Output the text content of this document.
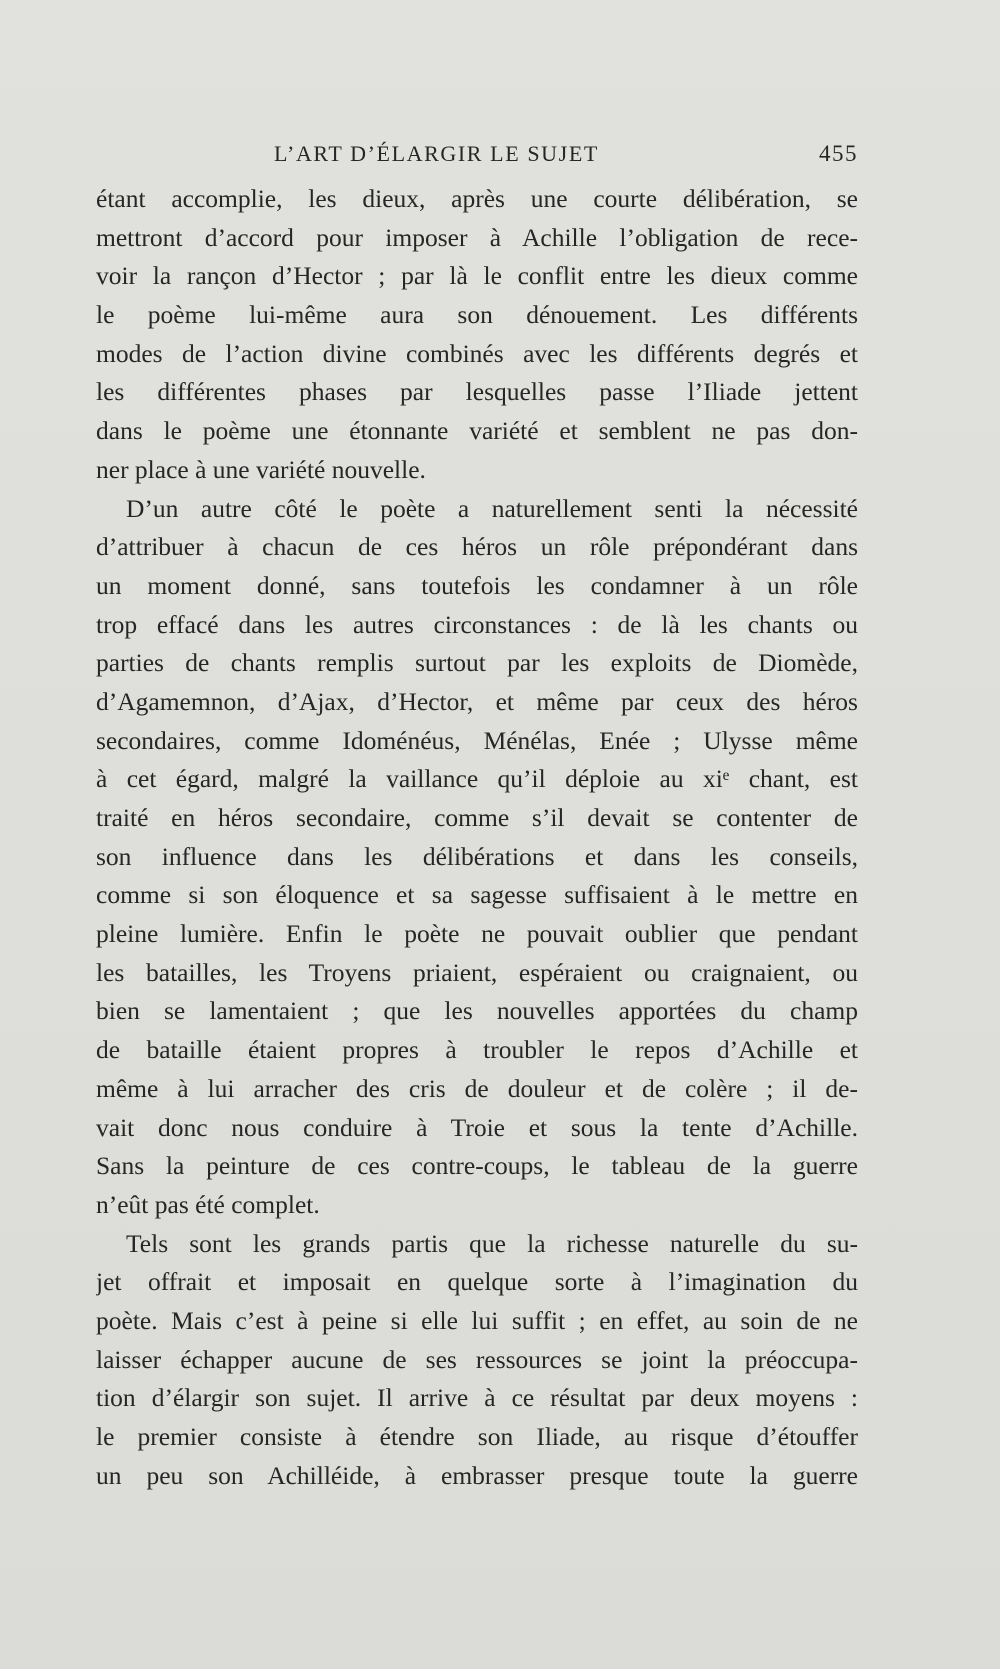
L’ART D’ÉLARGIR LE SUJET	455
étant accomplie, les dieux, après une courte délibération, se
mettront d’accord pour imposer à Achille l’obligation de rece-
voir la rançon d’Hector ; par là le conflit entre les dieux comme
le poème lui-même aura son dénouement. Les différents
modes de l’action divine combinés avec les différents degrés et
les différentes phases par lesquelles passe l’Iliade jettent
dans le poème une étonnante variété et semblent ne pas don-
ner place à une variété nouvelle.
D’un autre côté le poète a naturellement senti la nécessité
d’attribuer à chacun de ces héros un rôle prépondérant dans
un moment donné, sans toutefois les condamner à un rôle
trop effacé dans les autres circonstances : de là les chants ou
parties de chants remplis surtout par les exploits de Diomède,
d’Agamemnon, d’Ajax, d’Hector, et même par ceux des héros
secondaires, comme Idoménéus, Ménélas, Enée ; Ulysse même
à cet égard, malgré la vaillance qu’il déploie au xiᵉ chant, est
traité en héros secondaire, comme s’il devait se contenter de
son influence dans les délibérations et dans les conseils,
comme si son éloquence et sa sagesse suffisaient à le mettre en
pleine lumière. Enfin le poète ne pouvait oublier que pendant
les batailles, les Troyens priaient, espéraient ou craignaient, ou
bien se lamentaient ; que les nouvelles apportées du champ
de bataille étaient propres à troubler le repos d’Achille et
même à lui arracher des cris de douleur et de colère ; il de-
vait donc nous conduire à Troie et sous la tente d’Achille.
Sans la peinture de ces contre-coups, le tableau de la guerre
n’eût pas été complet.
Tels sont les grands partis que la richesse naturelle du su-
jet offrait et imposait en quelque sorte à l’imagination du
poète. Mais c’est à peine si elle lui suffit ; en effet, au soin de ne
laisser échapper aucune de ses ressources se joint la préoccupa-
tion d’élargir son sujet. Il arrive à ce résultat par deux moyens :
le premier consiste à étendre son Iliade, au risque d’étouffer
un peu son Achilléide, à embrasser presque toute la guerre
